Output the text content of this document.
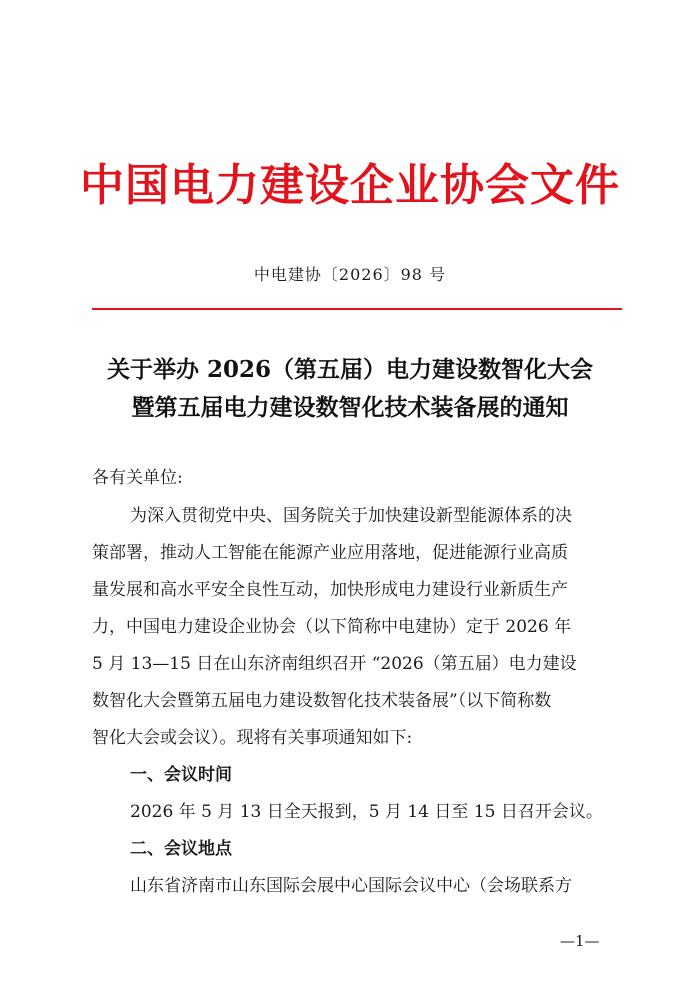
中国电力建设企业协会文件
中电建协〔2026〕98 号
关于举办 2026（第五届）电力建设数智化大会
暨第五届电力建设数智化技术装备展的通知
各有关单位:
为深入贯彻党中央、国务院关于加快建设新型能源体系的决
策部署，推动人工智能在能源产业应用落地，促进能源行业高质
量发展和高水平安全良性互动，加快形成电力建设行业新质生产
力，中国电力建设企业协会（以下简称中电建协）定于 2026 年
5 月 13—15 日在山东济南组织召开 “2026（第五届）电力建设
数智化大会暨第五届电力建设数智化技术装备展”（以下简称数
智化大会或会议）。现将有关事项通知如下:
一、会议时间
2026 年 5 月 13 日全天报到，5 月 14 日至 15 日召开会议。
二、会议地点
山东省济南市山东国际会展中心国际会议中心（会场联系方
—1—
